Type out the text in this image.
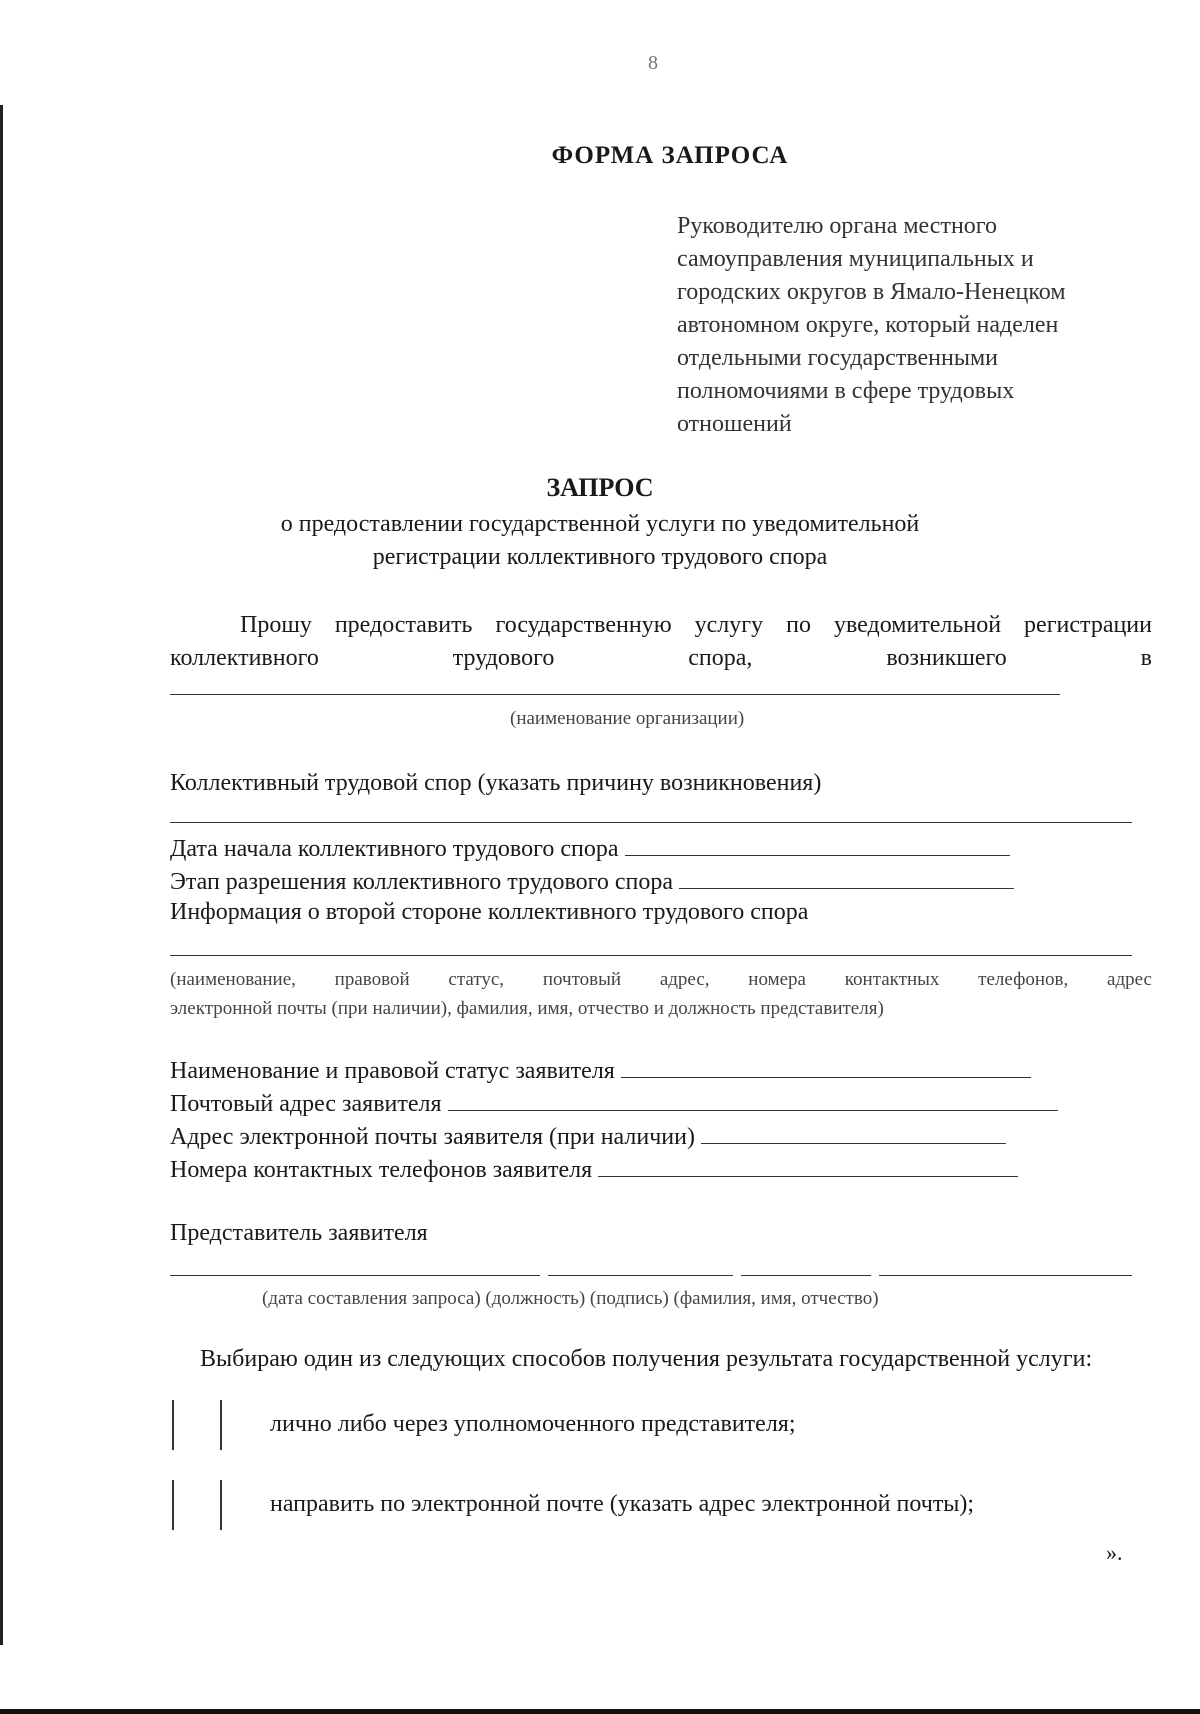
8
ФОРМА ЗАПРОСА
Руководителю органа местного
самоуправления муниципальных и
городских округов в Ямало-Ненецком
автономном округе, который наделен
отдельными государственными
полномочиями в сфере трудовых
отношений
ЗАПРОС
о предоставлении государственной услуги по уведомительной
регистрации коллективного трудового спора
Прошу предоставить государственную услугу по уведомительной регистрации коллективного трудового спора, возникшего в
(наименование организации)
Коллективный трудовой спор (указать причину возникновения)
Дата начала коллективного трудового спора
Этап разрешения коллективного трудового спора
Информация о второй стороне коллективного трудового спора
(наименование, правовой статус, почтовый адрес, номера контактных телефонов, адрес
электронной почты (при наличии), фамилия, имя, отчество и должность представителя)
Наименование и правовой статус заявителя
Почтовый адрес заявителя
Адрес электронной почты заявителя (при наличии)
Номера контактных телефонов заявителя
Представитель заявителя
(дата составления запроса) (должность) (подпись) (фамилия, имя, отчество)
Выбираю один из следующих способов получения результата государственной услуги:
лично либо через уполномоченного представителя;
направить по электронной почте (указать адрес электронной почты);
».
